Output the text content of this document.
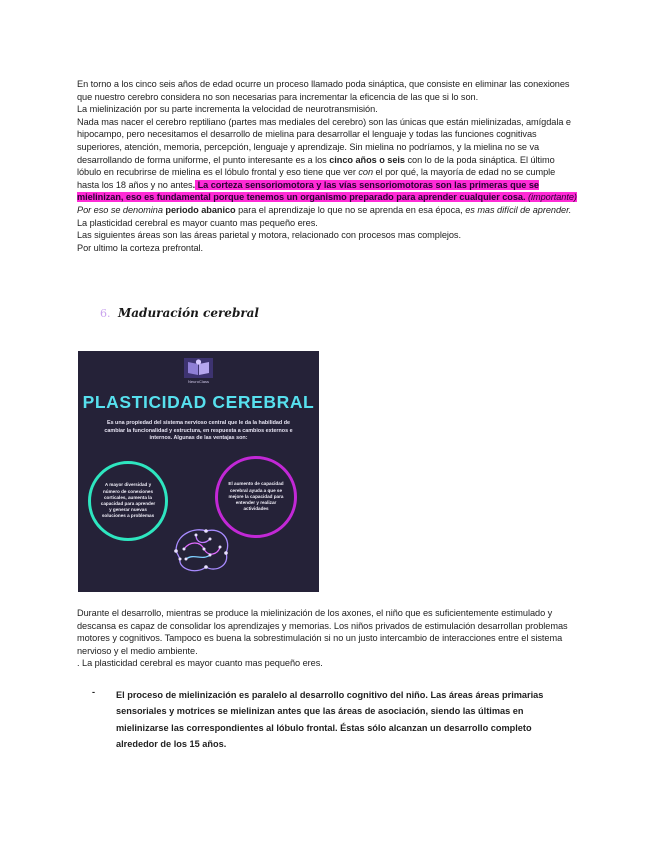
En torno a los cinco seis años de edad ocurre un proceso llamado poda sináptica, que consiste en eliminar las conexiones que nuestro cerebro considera no son necesarias para incrementar la eficencia de las que si lo son.

La mielinización por su parte incrementa la velocidad de neurotransmisión.

Nada mas nacer el cerebro reptiliano (partes mas mediales del cerebro) son las únicas que están mielinizadas, amígdala e hipocampo, pero necesitamos el desarrollo de mielina para desarrollar el lenguaje y todas las funciones cognitivas superiores, atención, memoria, percepción, lenguaje y aprendizaje. Sin mielina no podríamos, y la mielina no se va desarrollando de forma uniforme, el punto interesante es a los cinco años o seis con lo de la poda sináptica. El último lóbulo en recubrirse de mielina es el lóbulo frontal y eso tiene que ver con el por qué, la mayoría de edad no se cumple hasta los 18 años y no antes. La corteza sensoriomotora y las vías sensoriomotoras son las primeras que se mielinizan, eso es fundamental porque tenemos un organismo preparado para aprender cualquier cosa. (importante)

Por eso se denomina periodo abanico para el aprendizaje lo que no se aprenda en esa época, es mas difícil de aprender. La plasticidad cerebral es mayor cuanto mas pequeño eres.

Las siguientes áreas son las áreas parietal y motora, relacionado con procesos mas complejos.

Por ultimo la corteza prefrontal.

6. Maduración cerebral
NeuroClass
PLASTICIDAD CEREBRAL
Es una propiedad del sistema nervioso central que le da la habilidad de cambiar la funcionalidad y estructura, en respuesta a cambios externos e internos. Algunas de las ventajas son:
A mayor diversidad y número de conexiones corticales, aumenta la capacidad para aprender y generar nuevas soluciones a problemas
El aumento de capacidad cerebral ayuda a que se mejore la capacidad para entender y realizar actividades

Durante el desarrollo, mientras se produce la mielinización de los axones, el niño que es suficientemente estimulado y descansa es capaz de consolidar los aprendizajes y memorias. Los niños privados de estimulación desarrollan problemas motores y cognitivos. Tampoco es buena la sobrestimulación si no un justo intercambio de interacciones entre el sistema nervioso y el medio ambiente.

. La plasticidad cerebral es mayor cuanto mas pequeño eres.

- El proceso de mielinización es paralelo al desarrollo cognitivo del niño. Las áreas áreas primarias sensoriales y motrices se mielinizan antes que las áreas de asociación, siendo las últimas en mielinizarse las correspondientes al lóbulo frontal. Éstas sólo alcanzan un desarrollo completo alrededor de los 15 años.
